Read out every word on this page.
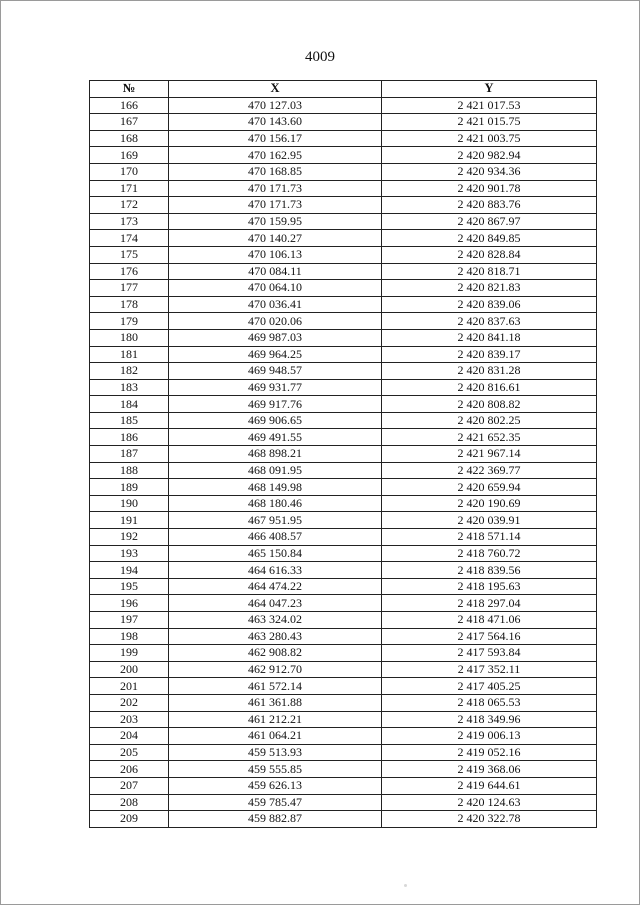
4009
№	X	Y
166	470 127.03	2 421 017.53
167	470 143.60	2 421 015.75
168	470 156.17	2 421 003.75
169	470 162.95	2 420 982.94
170	470 168.85	2 420 934.36
171	470 171.73	2 420 901.78
172	470 171.73	2 420 883.76
173	470 159.95	2 420 867.97
174	470 140.27	2 420 849.85
175	470 106.13	2 420 828.84
176	470 084.11	2 420 818.71
177	470 064.10	2 420 821.83
178	470 036.41	2 420 839.06
179	470 020.06	2 420 837.63
180	469 987.03	2 420 841.18
181	469 964.25	2 420 839.17
182	469 948.57	2 420 831.28
183	469 931.77	2 420 816.61
184	469 917.76	2 420 808.82
185	469 906.65	2 420 802.25
186	469 491.55	2 421 652.35
187	468 898.21	2 421 967.14
188	468 091.95	2 422 369.77
189	468 149.98	2 420 659.94
190	468 180.46	2 420 190.69
191	467 951.95	2 420 039.91
192	466 408.57	2 418 571.14
193	465 150.84	2 418 760.72
194	464 616.33	2 418 839.56
195	464 474.22	2 418 195.63
196	464 047.23	2 418 297.04
197	463 324.02	2 418 471.06
198	463 280.43	2 417 564.16
199	462 908.82	2 417 593.84
200	462 912.70	2 417 352.11
201	461 572.14	2 417 405.25
202	461 361.88	2 418 065.53
203	461 212.21	2 418 349.96
204	461 064.21	2 419 006.13
205	459 513.93	2 419 052.16
206	459 555.85	2 419 368.06
207	459 626.13	2 419 644.61
208	459 785.47	2 420 124.63
209	459 882.87	2 420 322.78
